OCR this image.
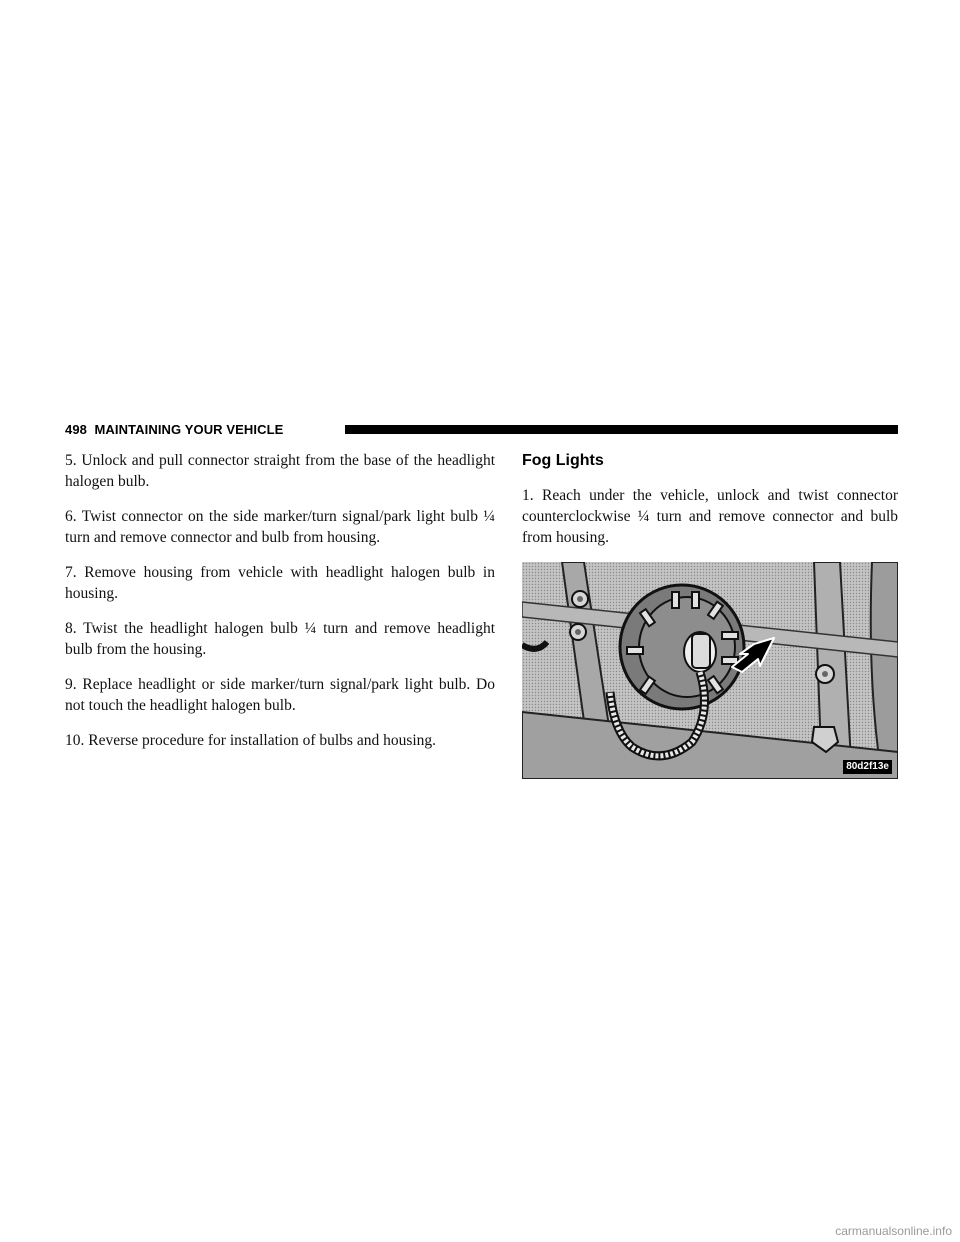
498 MAINTAINING YOUR VEHICLE

5. Unlock and pull connector straight from the base of the headlight halogen bulb.

6. Twist connector on the side marker/turn signal/park light bulb ¼ turn and remove connector and bulb from housing.

7. Remove housing from vehicle with headlight halogen bulb in housing.

8. Twist the headlight halogen bulb ¼ turn and remove headlight bulb from the housing.

9. Replace headlight or side marker/turn signal/park light bulb. Do not touch the headlight halogen bulb.

10. Reverse procedure for installation of bulbs and housing.

Fog Lights

1. Reach under the vehicle, unlock and twist connector counterclockwise ¼ turn and remove connector and bulb from housing.

80d2f13e
carmanualsonline.info
